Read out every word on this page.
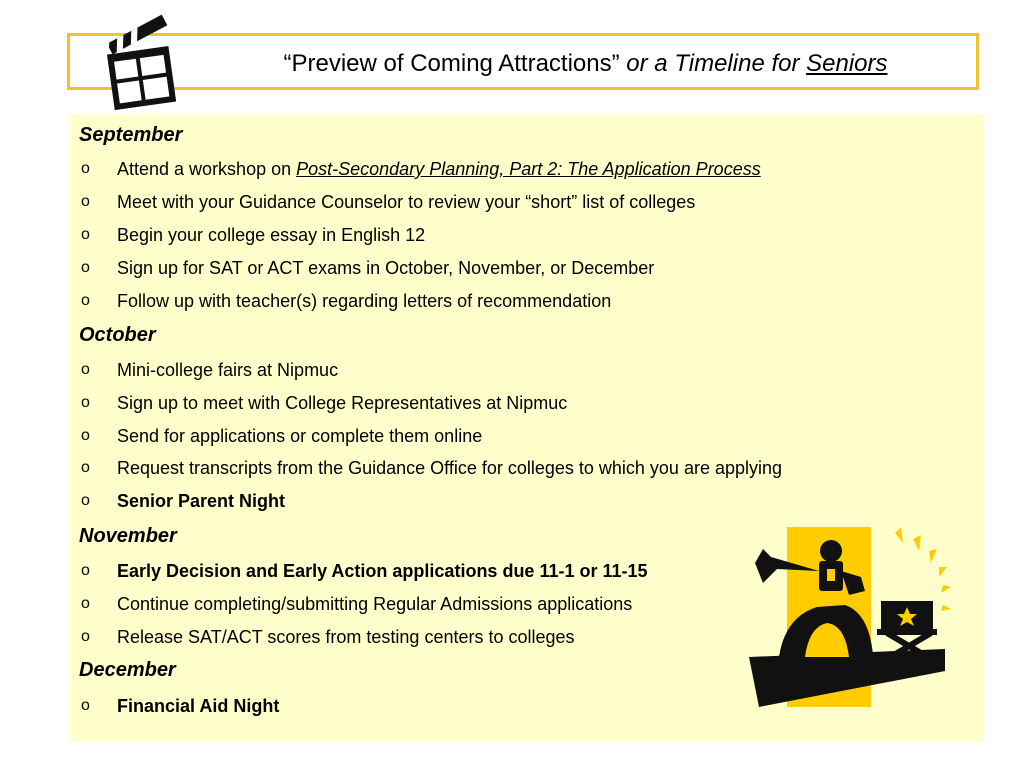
“Preview of Coming Attractions” or a Timeline for Seniors
September
o	Attend a workshop on Post-Secondary Planning, Part 2: The Application Process
o	Meet with your Guidance Counselor to review your “short” list of colleges
o	Begin your college essay in English 12
o	Sign up for SAT or ACT exams in October, November, or December
o	Follow up with teacher(s) regarding letters of recommendation
October
o	Mini-college fairs at Nipmuc
o	Sign up to meet with College Representatives at Nipmuc
o	Send for applications or complete them online
o	Request transcripts from the Guidance Office for colleges to which you are applying
o	Senior Parent Night
November
o	Early Decision and Early Action applications due 11-1 or 11-15
o	Continue completing/submitting Regular Admissions applications
o	Release SAT/ACT scores from testing centers to colleges
December
o	Financial Aid Night
